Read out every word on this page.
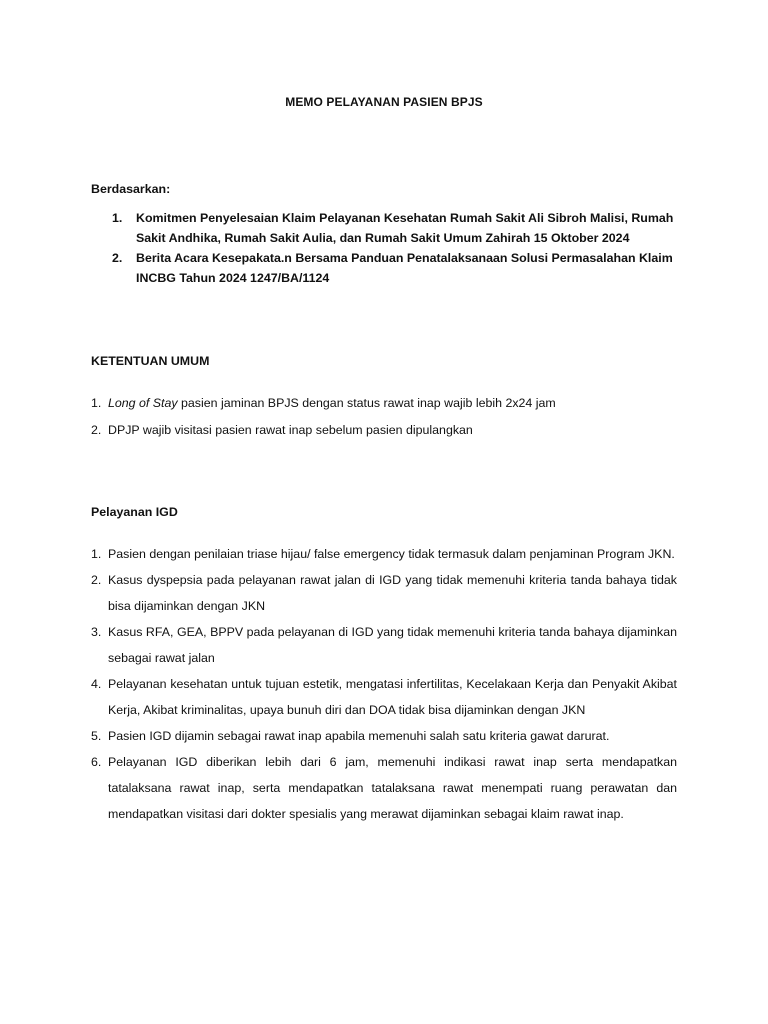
MEMO PELAYANAN PASIEN BPJS
Berdasarkan:
1. Komitmen Penyelesaian Klaim Pelayanan Kesehatan Rumah Sakit Ali Sibroh Malisi, Rumah Sakit Andhika, Rumah Sakit Aulia, dan Rumah Sakit Umum Zahirah 15 Oktober 2024
2. Berita Acara Kesepakata.n Bersama Panduan Penatalaksanaan Solusi Permasalahan Klaim INCBG Tahun 2024 1247/BA/1124
KETENTUAN UMUM
1. Long of Stay pasien jaminan BPJS dengan status rawat inap wajib lebih 2x24 jam
2. DPJP wajib visitasi pasien rawat inap sebelum pasien dipulangkan
Pelayanan IGD
1. Pasien dengan penilaian triase hijau/ false emergency tidak termasuk dalam penjaminan Program JKN.
2. Kasus dyspepsia pada pelayanan rawat jalan di IGD yang tidak memenuhi kriteria tanda bahaya tidak bisa dijaminkan dengan JKN
3. Kasus RFA, GEA, BPPV pada pelayanan di IGD yang tidak memenuhi kriteria tanda bahaya dijaminkan sebagai rawat jalan
4. Pelayanan kesehatan untuk tujuan estetik, mengatasi infertilitas, Kecelakaan Kerja dan Penyakit Akibat Kerja, Akibat kriminalitas, upaya bunuh diri dan DOA tidak bisa dijaminkan dengan JKN
5. Pasien IGD dijamin sebagai rawat inap apabila memenuhi salah satu kriteria gawat darurat.
6. Pelayanan IGD diberikan lebih dari 6 jam, memenuhi indikasi rawat inap serta mendapatkan tatalaksana rawat inap, serta mendapatkan tatalaksana rawat menempati ruang perawatan dan mendapatkan visitasi dari dokter spesialis yang merawat dijaminkan sebagai klaim rawat inap.
